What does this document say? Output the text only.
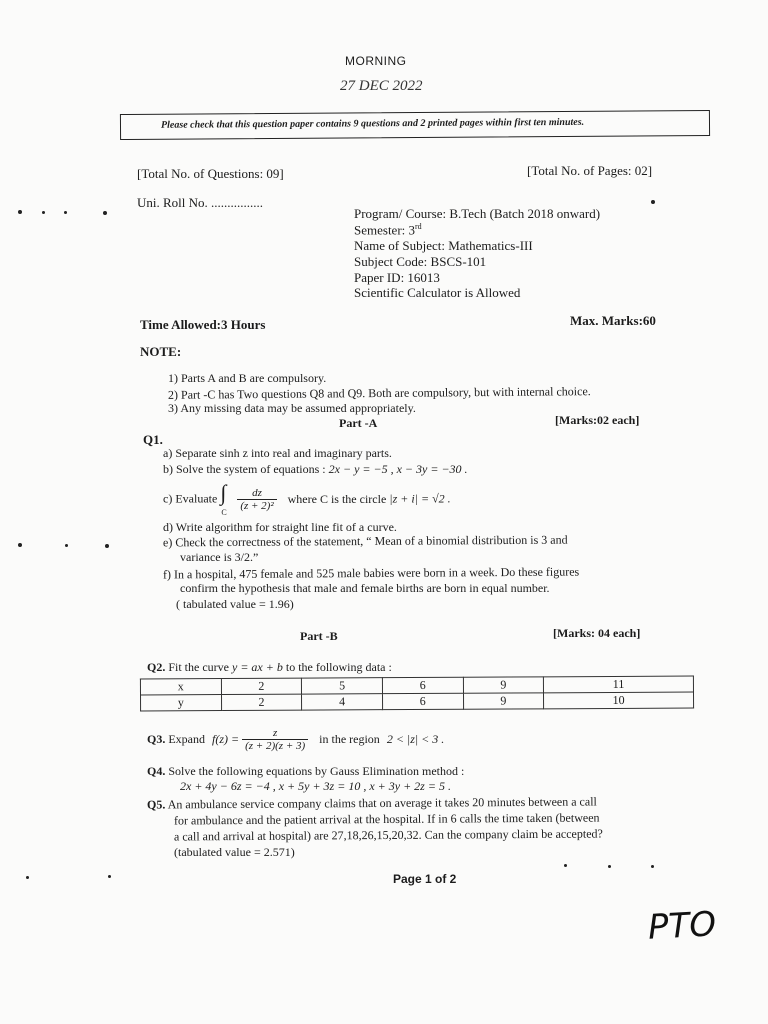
MORNING
27 DEC 2022
Please check that this question paper contains 9 questions and 2 printed pages within first ten minutes.
[Total No. of Questions: 09]	[Total No. of Pages: 02]
Uni. Roll No. ................
Program/ Course: B.Tech (Batch 2018 onward)
Semester: 3rd
Name of Subject: Mathematics-III
Subject Code: BSCS-101
Paper ID: 16013
Scientific Calculator is Allowed
Time Allowed:3 Hours	Max. Marks:60
NOTE:
1) Parts A and B are compulsory.
2) Part -C has Two questions Q8 and Q9. Both are compulsory, but with internal choice.
3) Any missing data may be assumed appropriately.
Part -A	[Marks:02 each]
Q1.
a) Separate sinh z into real and imaginary parts.
b) Solve the system of equations : 2x − y = −5 , x − 3y = −30 .
c) Evaluate ∫
C

$\frac{dz}{\text{(z + 2)²}}$ where C is the circle |z + i| = √2 .
d) Write algorithm for straight line fit of a curve.
e) Check the correctness of the statement, “ Mean of a binomial distribution is 3 and
variance is 3/2.”
f) In a hospital, 475 female and 525 male babies were born in a week. Do these figures
confirm the hypothesis that male and female births are born in equal number.
( tabulated value = 1.96)
Part -B	[Marks: 04 each]
Q2. Fit the curve y = ax + b to the following data :
x	2	5	6	9	11
y	2	4	6	9	10
Q3. Expand $f(z) = \frac{z}{(z + 2)(z + 3)}$ in the region 2 < |z| < 3 .
Q4. Solve the following equations by Gauss Elimination method :
2x + 4y − 6z = −4 , x + 5y + 3z = 10 , x + 3y + 2z = 5 .
Q5. An ambulance service company claims that on average it takes 20 minutes between a call
for ambulance and the patient arrival at the hospital. If in 6 calls the time taken (between
a call and arrival at hospital) are 27,18,26,15,20,32. Can the company claim be accepted?
(tabulated value = 2.571)
Page 1 of 2
PTO
